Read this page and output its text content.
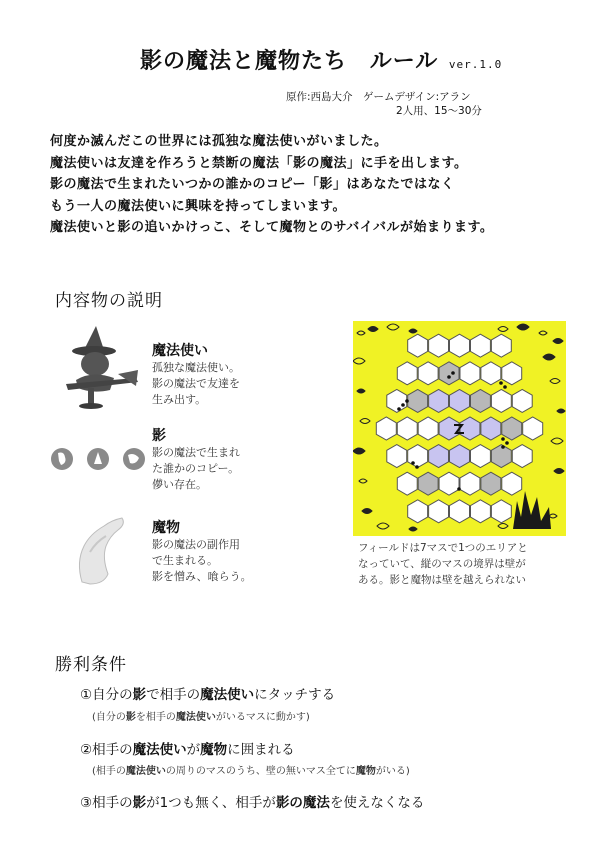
影の魔法と魔物たち ルール ver.1.0
原作:西島大介　ゲームデザイン:アラン
2人用、15〜30分
何度か滅んだこの世界には孤独な魔法使いがいました。
魔法使いは友達を作ろうと禁断の魔法「影の魔法」に手を出します。
影の魔法で生まれたいつかの誰かのコピー「影」はあなたではなく
もう一人の魔法使いに興味を持ってしまいます。
魔法使いと影の追いかけっこ、そして魔物とのサバイバルが始まります。
内容物の説明
魔法使い
孤独な魔法使い。
影の魔法で友達を
生み出す。
影
影の魔法で生まれ
た誰かのコピー。
儚い存在。
魔物
影の魔法の副作用
で生まれる。
影を憎み、喰らう。
フィールドは7マスで1つのエリアと
なっていて、縦のマスの境界は壁が
ある。影と魔物は壁を越えられない
勝利条件
①自分の影で相手の魔法使いにタッチする
(自分の影を相手の魔法使いがいるマスに動かす)
②相手の魔法使いが魔物に囲まれる
(相手の魔法使いの周りのマスのうち、壁の無いマス全てに魔物がいる)
③相手の影が1つも無く、相手が影の魔法を使えなくなる
